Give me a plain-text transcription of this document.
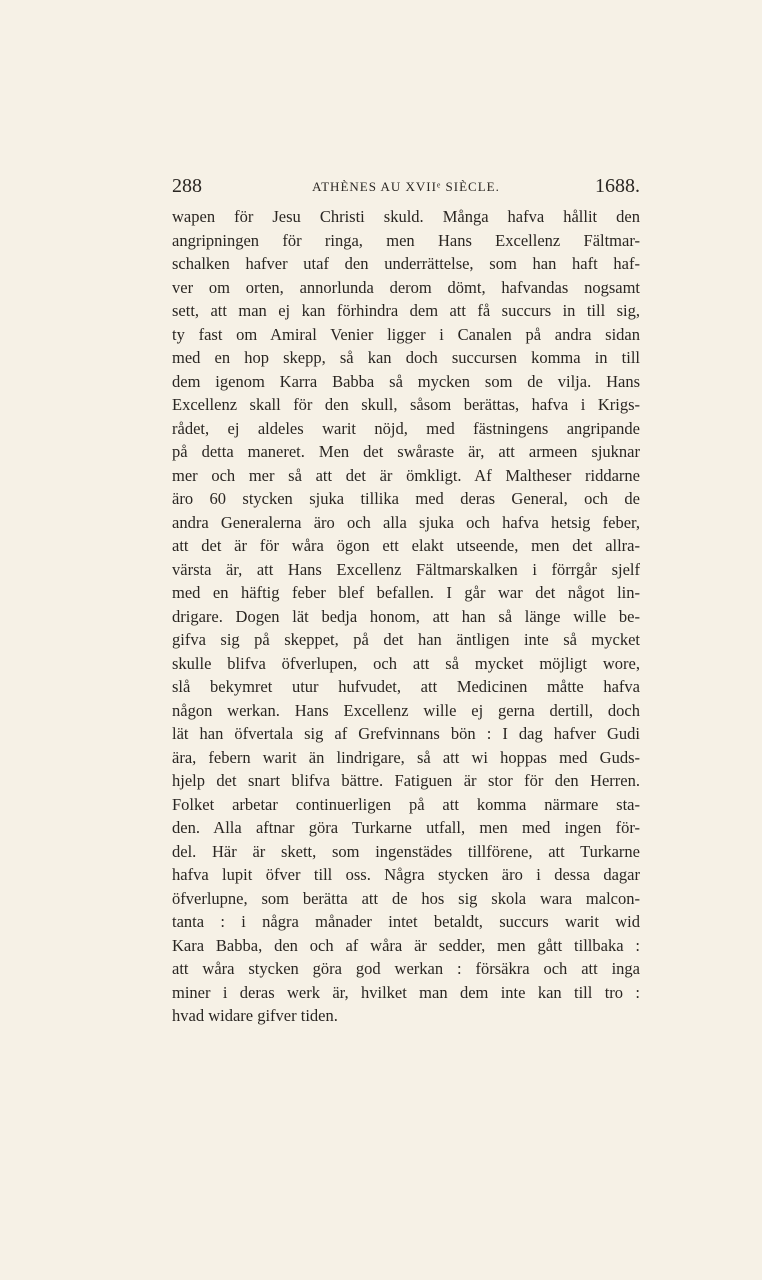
288	ATHÈNES AU XVIIᵉ SIÈCLE.	1688.
wapen för Jesu Christi skuld. Många hafva hållit den
angripningen för ringa, men Hans Excellenz Fältmar-
schalken hafver utaf den underrättelse, som han haft haf-
ver om orten, annorlunda derom dömt, hafvandas nogsamt
sett, att man ej kan förhindra dem att få succurs in till sig,
ty fast om Amiral Venier ligger i Canalen på andra sidan
med en hop skepp, så kan doch succursen komma in till
dem igenom Karra Babba så mycken som de vilja. Hans
Excellenz skall för den skull, såsom berättas, hafva i Krigs-
rådet, ej aldeles warit nöjd, med fästningens angripande
på detta maneret. Men det swåraste är, att armeen sjuknar
mer och mer så att det är ömkligt. Af Maltheser riddarne
äro 60 stycken sjuka tillika med deras General, och de
andra Generalerna äro och alla sjuka och hafva hetsig feber,
att det är för wåra ögon ett elakt utseende, men det allra-
värsta är, att Hans Excellenz Fältmarskalken i förrgår sjelf
med en häftig feber blef befallen. I går war det något lin-
drigare. Dogen lät bedja honom, att han så länge wille be-
gifva sig på skeppet, på det han äntligen inte så mycket
skulle blifva öfverlupen, och att så mycket möjligt wore,
slå bekymret utur hufvudet, att Medicinen måtte hafva
någon werkan. Hans Excellenz wille ej gerna dertill, doch
lät han öfvertala sig af Grefvinnans bön : I dag hafver Gudi
ära, febern warit än lindrigare, så att wi hoppas med Guds-
hjelp det snart blifva bättre. Fatiguen är stor för den Herren.
Folket arbetar continuerligen på att komma närmare sta-
den. Alla aftnar göra Turkarne utfall, men med ingen för-
del. Här är skett, som ingenstädes tillförene, att Turkarne
hafva lupit öfver till oss. Några stycken äro i dessa dagar
öfverlupne, som berätta att de hos sig skola wara malcon-
tanta : i några månader intet betaldt, succurs warit wid
Kara Babba, den och af wåra är sedder, men gått tillbaka :
att wåra stycken göra god werkan : försäkra och att inga
miner i deras werk är, hvilket man dem inte kan till tro :
hvad widare gifver tiden.
